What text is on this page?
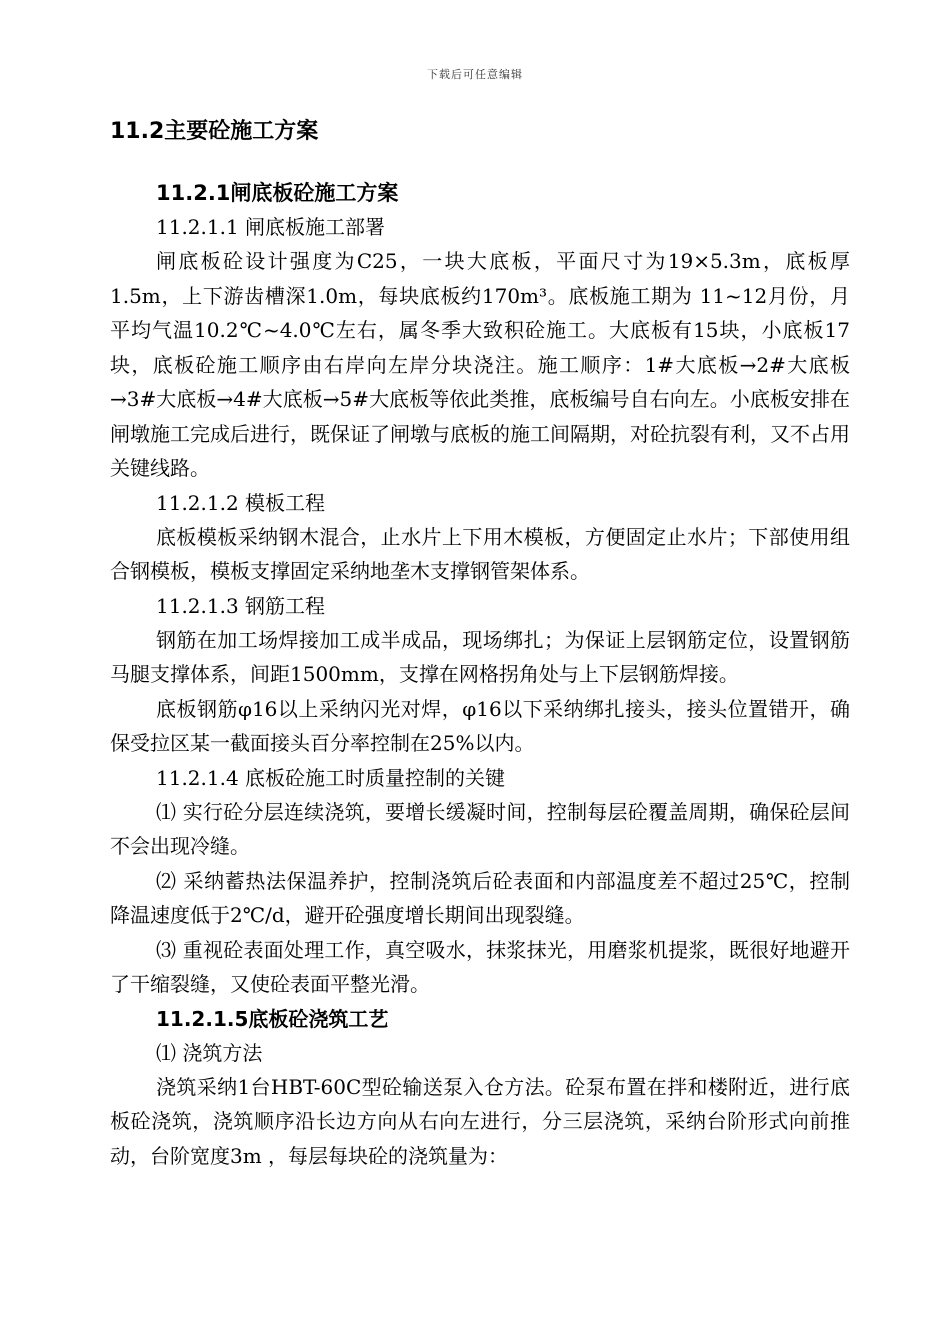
下载后可任意编辑
11.2主要砼施工方案
11.2.1闸底板砼施工方案
11.2.1.1 闸底板施工部署

闸底板砼设计强度为C25，一块大底板，平面尺寸为19×5.3m，底板厚1.5m，上下游齿槽深1.0m，每块底板约170m³。底板施工期为 11~12月份，月平均气温10.2℃~4.0℃左右，属冬季大致积砼施工。大底板有15块，小底板17块，底板砼施工顺序由右岸向左岸分块浇注。施工顺序：1#大底板→2#大底板→3#大底板→4#大底板→5#大底板等依此类推，底板编号自右向左。小底板安排在闸墩施工完成后进行，既保证了闸墩与底板的施工间隔期，对砼抗裂有利，又不占用关键线路。

11.2.1.2 模板工程

底板模板采纳钢木混合，止水片上下用木模板，方便固定止水片；下部使用组合钢模板，模板支撑固定采纳地垄木支撑钢管架体系。

11.2.1.3 钢筋工程

钢筋在加工场焊接加工成半成品，现场绑扎；为保证上层钢筋定位，设置钢筋马腿支撑体系，间距1500mm，支撑在网格拐角处与上下层钢筋焊接。

底板钢筋φ16以上采纳闪光对焊，φ16以下采纳绑扎接头，接头位置错开，确保受拉区某一截面接头百分率控制在25%以内。

11.2.1.4 底板砼施工时质量控制的关键

⑴ 实行砼分层连续浇筑，要增长缓凝时间，控制每层砼覆盖周期，确保砼层间不会出现冷缝。

⑵ 采纳蓄热法保温养护，控制浇筑后砼表面和内部温度差不超过25℃，控制降温速度低于2℃/d，避开砼强度增长期间出现裂缝。

⑶ 重视砼表面处理工作，真空吸水，抹浆抹光，用磨浆机提浆，既很好地避开了干缩裂缝，又使砼表面平整光滑。

11.2.1.5底板砼浇筑工艺
⑴ 浇筑方法

浇筑采纳1台HBT-60C型砼输送泵入仓方法。砼泵布置在拌和楼附近，进行底板砼浇筑，浇筑顺序沿长边方向从右向左进行，分三层浇筑，采纳台阶形式向前推动，台阶宽度3m ，每层每块砼的浇筑量为：
